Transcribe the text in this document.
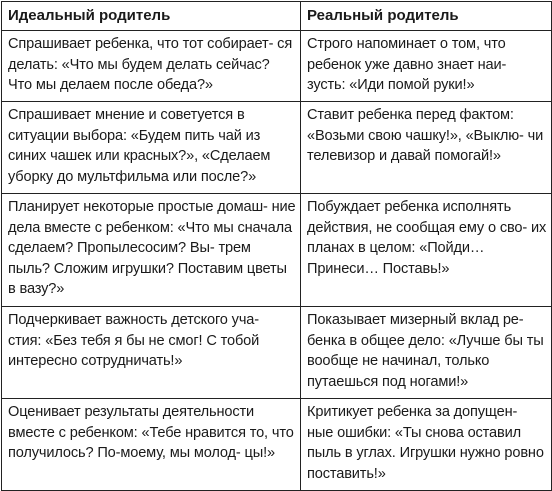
Идеальный родитель	Реальный родитель

Спрашивает ребенка, что тот собирает- ся делать: «Что мы будем делать сейчас? Что мы делаем после обеда?»	Строго напоминает о том, что ребенок уже давно знает наи- зусть: «Иди помой руки!»

Спрашивает мнение и советуется в ситуации выбора: «Будем пить чай из синих чашек или красных?», «Сделаем уборку до мультфильма или после?»	Ставит ребенка перед фактом: «Возьми свою чашку!», «Выклю- чи телевизор и давай помогай!»

Планирует некоторые простые домаш- ние дела вместе с ребенком: «Что мы сначала сделаем? Пропылесосим? Вы- трем пыль? Сложим игрушки? Поставим цветы в вазу?»	Побуждает ребенка исполнять действия, не сообщая ему о сво- их планах в целом: «Пойди… Принеси… Поставь!»

Подчеркивает важность детского уча- стия: «Без тебя я бы не смог! С тобой интересно сотрудничать!»	Показывает мизерный вклад ре- бенка в общее дело: «Лучше бы ты вообще не начинал, только путаешься под ногами!»

Оценивает результаты деятельности вместе с ребенком: «Тебе нравится то, что получилось? По-моему, мы молод- цы!»	Критикует ребенка за допущен- ные ошибки: «Ты снова оставил пыль в углах. Игрушки нужно ровно поставить!»
